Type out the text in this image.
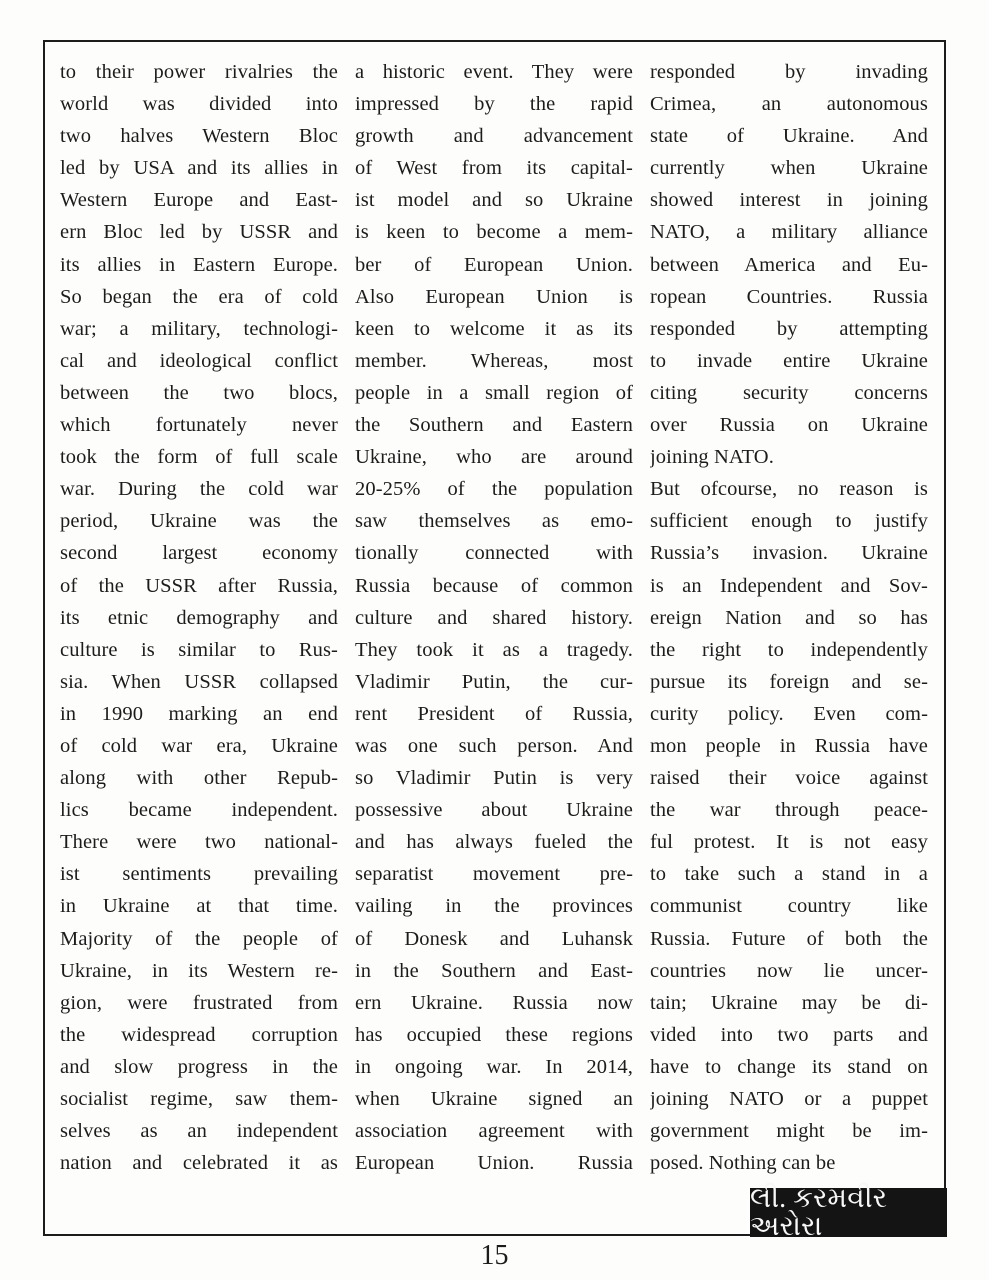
to their power rivalries the
world was divided into
two halves Western Bloc
led by USA and its allies in
Western Europe and East-
ern Bloc led by USSR and
its allies in Eastern Europe.
So began the era of cold
war; a military, technologi-
cal and ideological conflict
between the two blocs,
which fortunately never
took the form of full scale
war. During the cold war
period, Ukraine was the
second largest economy
of the USSR after Russia,
its etnic demography and
culture is similar to Rus-
sia. When USSR collapsed
in 1990 marking an end
of cold war era, Ukraine
along with other Repub-
lics became independent.
There were two national-
ist sentiments prevailing
in Ukraine at that time.
Majority of the people of
Ukraine, in its Western re-
gion, were frustrated from
the widespread corruption
and slow progress in the
socialist regime, saw them-
selves as an independent
nation and celebrated it as
a historic event. They were
impressed by the rapid
growth and advancement
of West from its capital-
ist model and so Ukraine
is keen to become a mem-
ber of European Union.
Also European Union is
keen to welcome it as its
member.  Whereas,  most
people in a small region of
the Southern and Eastern
Ukraine, who are around
20-25% of the population
saw themselves as emo-
tionally connected with
Russia because of common
culture and shared history.
They took it as a tragedy.
Vladimir Putin, the cur-
rent President of Russia,
was one such person. And
so Vladimir Putin is very
possessive about Ukraine
and has always fueled the
separatist movement pre-
vailing in the provinces
of Donesk and Luhansk
in the Southern and East-
ern Ukraine. Russia now
has occupied these regions
in ongoing war. In 2014,
when Ukraine signed an
association agreement with
European  Union.  Russia
responded  by  invading
Crimea, an autonomous
state of Ukraine. And
currently when Ukraine
showed interest in joining
NATO, a military alliance
between America and Eu-
ropean Countries. Russia
responded by attempting
to invade entire Ukraine
citing security concerns
over Russia on Ukraine
joining NATO.
But ofcourse, no reason is
sufficient enough to justify
Russia’s invasion. Ukraine
is an Independent and Sov-
ereign Nation and so has
the right to independently
pursue its foreign and se-
curity policy. Even com-
mon people in Russia have
raised their voice against
the war through peace-
ful protest. It is not easy
to take such a stand in a
communist country like
Russia. Future of both the
countries now lie uncer-
tain; Ukraine may be di-
vided into two parts and
have to change its stand on
joining NATO or a puppet
government might be im-
posed. Nothing can be
લી. કરમવીર અરોરા
15
